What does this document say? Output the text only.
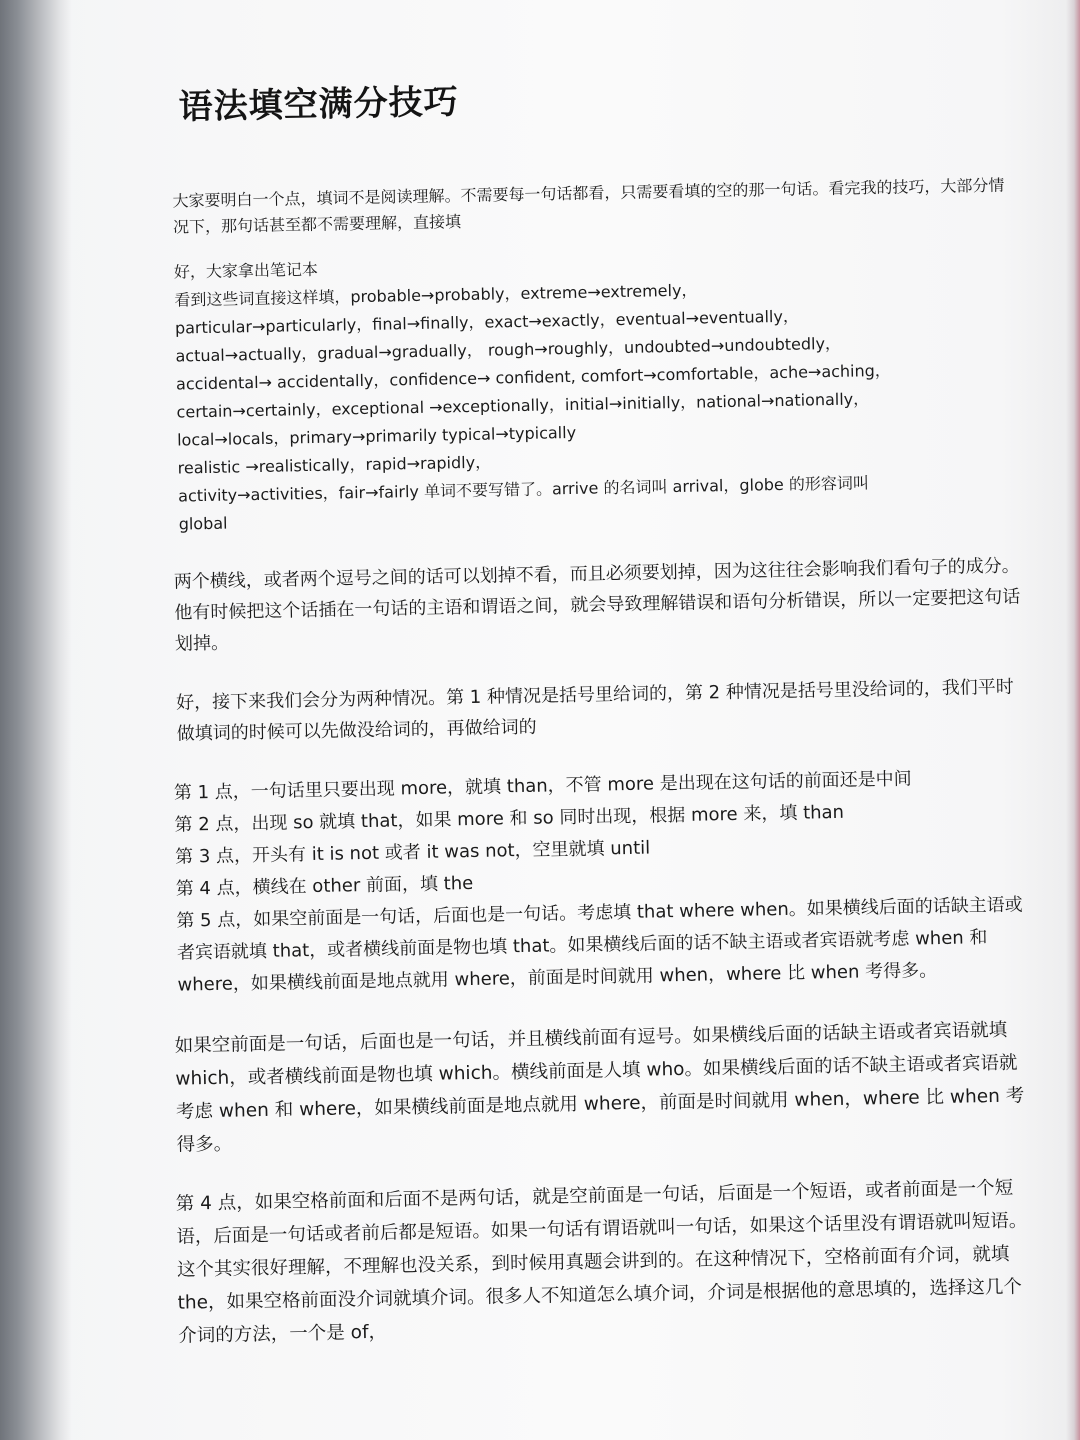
语法填空满分技巧
大家要明白一个点，填词不是阅读理解。不需要每一句话都看，只需要看填的空的那一句话。看完我的技巧，大部分情况下，那句话甚至都不需要理解，直接填
好，大家拿出笔记本
看到这些词直接这样填，probable→probably，extreme→extremely，
particular→particularly，final→finally，exact→exactly，eventual→eventually，
actual→actually，gradual→gradually， rough→roughly，undoubted→undoubtedly，
accidental→ accidentally，confidence→ confident, comfort→comfortable，ache→aching，
certain→certainly，exceptional →exceptionally，initial→initially，national→nationally，
local→locals，primary→primarily typical→typically
realistic →realistically，rapid→rapidly，
activity→activities，fair→fairly 单词不要写错了。arrive 的名词叫 arrival，globe 的形容词叫
global
两个横线，或者两个逗号之间的话可以划掉不看，而且必须要划掉，因为这往往会影响我们看句子的成分。他有时候把这个话插在一句话的主语和谓语之间，就会导致理解错误和语句分析错误，所以一定要把这句话划掉。
好，接下来我们会分为两种情况。第 1 种情况是括号里给词的，第 2 种情况是括号里没给词的，我们平时做填词的时候可以先做没给词的，再做给词的
第 1 点，一句话里只要出现 more，就填 than，不管 more 是出现在这句话的前面还是中间
第 2 点，出现 so 就填 that，如果 more 和 so 同时出现，根据 more 来，填 than
第 3 点，开头有 it is not 或者 it was not，空里就填 until
第 4 点，横线在 other 前面，填 the
第 5 点，如果空前面是一句话，后面也是一句话。考虑填 that where when。如果横线后面的话缺主语或者宾语就填 that，或者横线前面是物也填 that。如果横线后面的话不缺主语或者宾语就考虑 when 和 where，如果横线前面是地点就用 where，前面是时间就用 when，where 比 when 考得多。
如果空前面是一句话，后面也是一句话，并且横线前面有逗号。如果横线后面的话缺主语或者宾语就填 which，或者横线前面是物也填 which。横线前面是人填 who。如果横线后面的话不缺主语或者宾语就考虑 when 和 where，如果横线前面是地点就用 where，前面是时间就用 when，where 比 when 考得多。
第 4 点，如果空格前面和后面不是两句话，就是空前面是一句话，后面是一个短语，或者前面是一个短语，后面是一句话或者前后都是短语。如果一句话有谓语就叫一句话，如果这个话里没有谓语就叫短语。这个其实很好理解，不理解也没关系，到时候用真题会讲到的。在这种情况下，空格前面有介词，就填 the，如果空格前面没介词就填介词。很多人不知道怎么填介词，介词是根据他的意思填的，选择这几个介词的方法，一个是 of，
